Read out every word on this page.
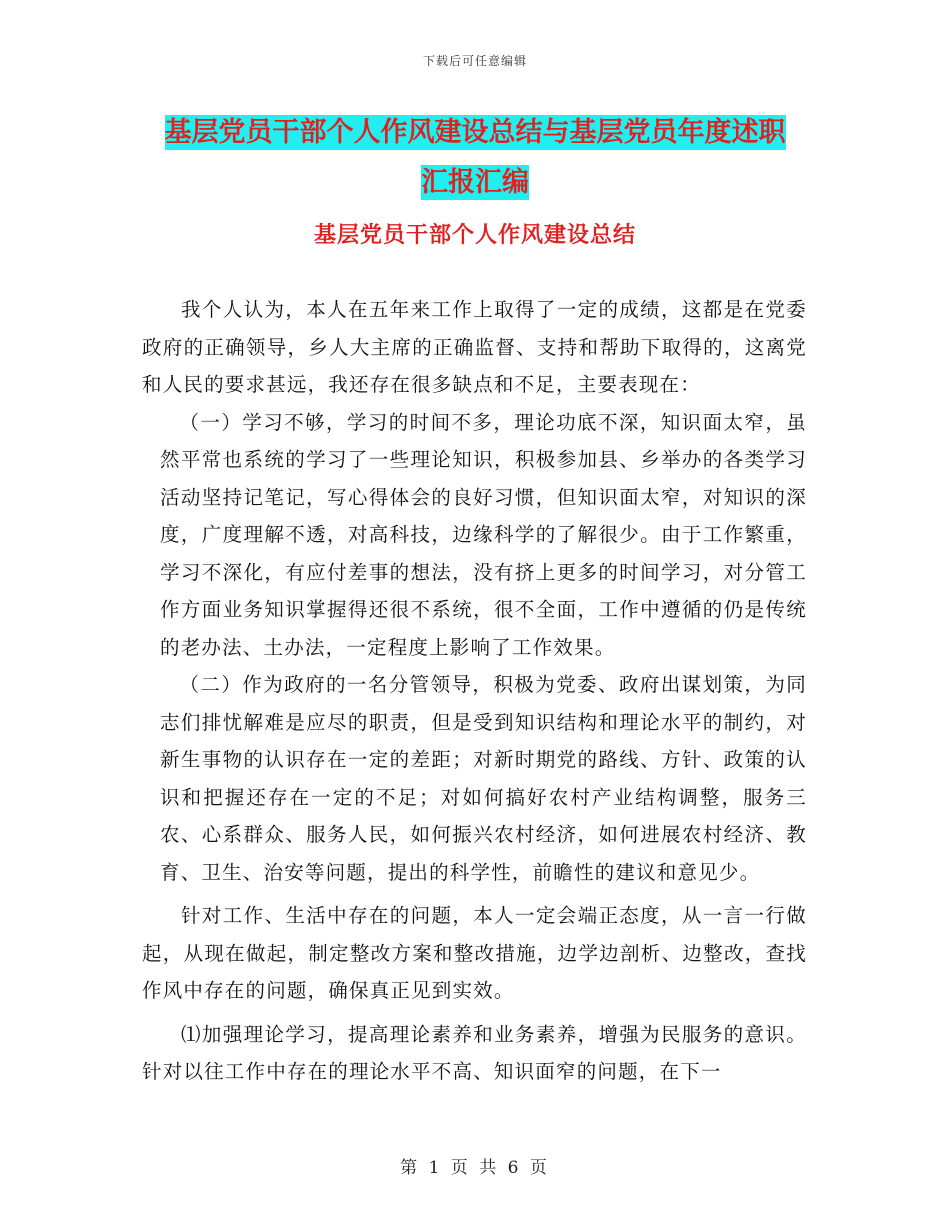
下载后可任意编辑
基层党员干部个人作风建设总结与基层党员年度述职
汇报汇编
基层党员干部个人作风建设总结

我个人认为，本人在五年来工作上取得了一定的成绩，这都是在党委政府的正确领导，乡人大主席的正确监督、支持和帮助下取得的，这离党和人民的要求甚远，我还存在很多缺点和不足，主要表现在：

（一）学习不够，学习的时间不多，理论功底不深，知识面太窄，虽然平常也系统的学习了一些理论知识，积极参加县、乡举办的各类学习活动坚持记笔记，写心得体会的良好习惯，但知识面太窄，对知识的深度，广度理解不透，对高科技，边缘科学的了解很少。由于工作繁重，学习不深化，有应付差事的想法，没有挤上更多的时间学习，对分管工作方面业务知识掌握得还很不系统，很不全面，工作中遵循的仍是传统的老办法、土办法，一定程度上影响了工作效果。

（二）作为政府的一名分管领导，积极为党委、政府出谋划策，为同志们排忧解难是应尽的职责，但是受到知识结构和理论水平的制约，对新生事物的认识存在一定的差距；对新时期党的路线、方针、政策的认识和把握还存在一定的不足；对如何搞好农村产业结构调整，服务三农、心系群众、服务人民，如何振兴农村经济，如何进展农村经济、教育、卫生、治安等问题，提出的科学性，前瞻性的建议和意见少。

针对工作、生活中存在的问题，本人一定会端正态度，从一言一行做起，从现在做起，制定整改方案和整改措施，边学边剖析、边整改，查找作风中存在的问题，确保真正见到实效。

⑴加强理论学习，提高理论素养和业务素养，增强为民服务的意识。针对以往工作中存在的理论水平不高、知识面窄的问题，在下一

第 1 页 共 6 页
